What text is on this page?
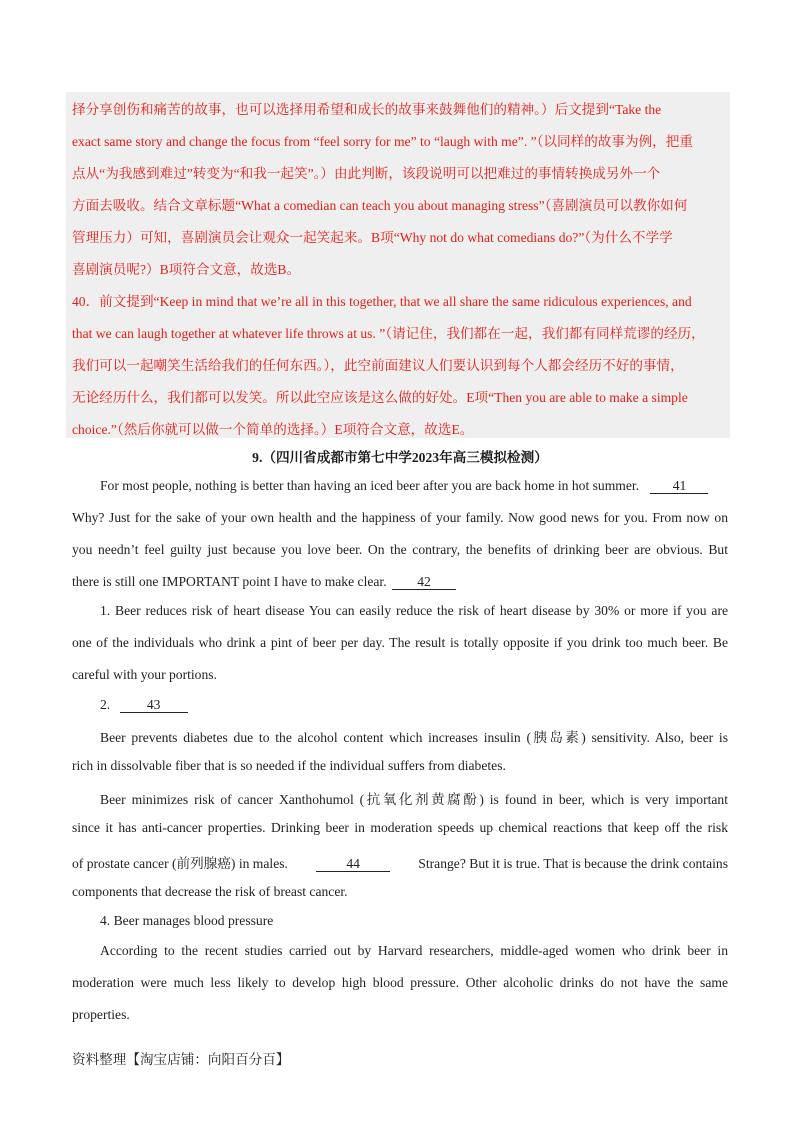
择分享创伤和痛苦的故事，也可以选择用希望和成长的故事来鼓舞他们的精神。）后文提到“Take the
exact same story and change the focus from “feel sorry for me” to “laugh with me”. ”（以同样的故事为例，把重
点从“为我感到难过”转变为“和我一起笑”。）由此判断，该段说明可以把难过的事情转换成另外一个
方面去吸收。结合文章标题“What a comedian can teach you about managing stress”（喜剧演员可以教你如何
管理压力）可知，喜剧演员会让观众一起笑起来。B项“Why not do what comedians do?”（为什么不学学
喜剧演员呢?）B项符合文意，故选B。
40．前文提到“Keep in mind that we’re all in this together, that we all share the same ridiculous experiences, and
that we can laugh together at whatever life throws at us. ”（请记住，我们都在一起，我们都有同样荒谬的经历，
我们可以一起嘲笑生活给我们的任何东西。），此空前面建议人们要认识到每个人都会经历不好的事情，
无论经历什么，我们都可以发笑。所以此空应该是这么做的好处。E项“Then you are able to make a simple
choice.”（然后你就可以做一个简单的选择。）E项符合文意，故选E。
9.（四川省成都市第七中学2023年高三模拟检测）
For most people, nothing is better than having an iced beer after you are back home in hot summer. 41
Why? Just for the sake of your own health and the happiness of your family. Now good news for you. From now on
you needn’t feel guilty just because you love beer. On the contrary, the benefits of drinking beer are obvious. But
there is still one IMPORTANT point I have to make clear. 42
1. Beer reduces risk of heart disease You can easily reduce the risk of heart disease by 30% or more if you are
one of the individuals who drink a pint of beer per day. The result is totally opposite if you drink too much beer. Be
careful with your portions.
2.	43
Beer prevents diabetes due to the alcohol content which increases insulin (胰岛素) sensitivity. Also, beer is
rich in dissolvable fiber that is so needed if the individual suffers from diabetes.
Beer minimizes risk of cancer Xanthohumol (抗氧化剂黄腐酚) is found in beer, which is very important
since it has anti-cancer properties. Drinking beer in moderation speeds up chemical reactions that keep off the risk
of prostate cancer (前列腺癌) in males.	44	Strange? But it is true. That is because the drink contains
components that decrease the risk of breast cancer.
4. Beer manages blood pressure
According to the recent studies carried out by Harvard researchers, middle-aged women who drink beer in
moderation were much less likely to develop high blood pressure. Other alcoholic drinks do not have the same
properties.
资料整理【淘宝店铺：向阳百分百】
